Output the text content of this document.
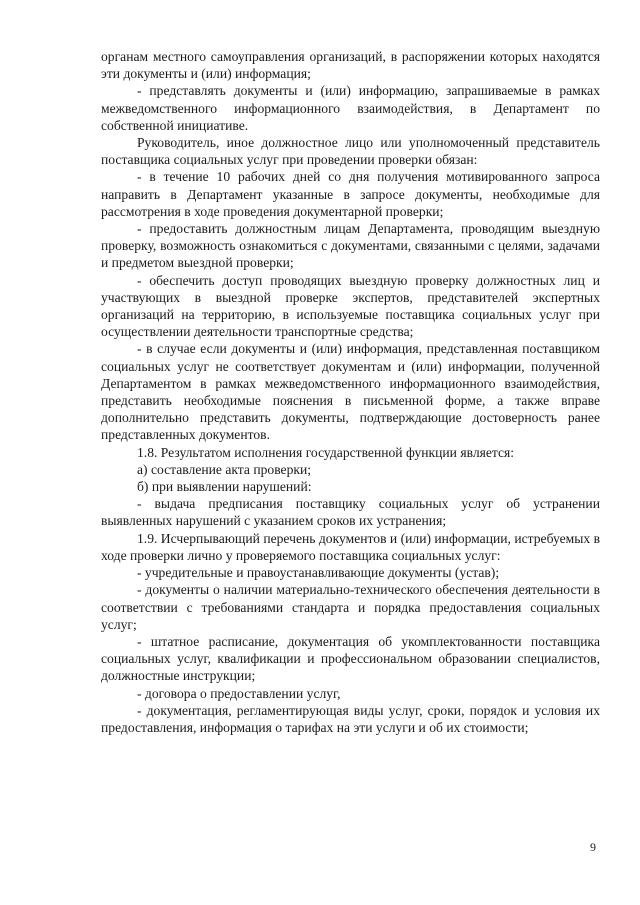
органам местного самоуправления организаций, в распоряжении которых находятся эти документы и (или) информация;

- представлять документы и (или) информацию, запрашиваемые в рамках межведомственного информационного взаимодействия, в Департамент по собственной инициативе.

Руководитель, иное должностное лицо или уполномоченный представитель поставщика социальных услуг при проведении проверки обязан:

- в течение 10 рабочих дней со дня получения мотивированного запроса направить в Департамент указанные в запросе документы, необходимые для рассмотрения в ходе проведения документарной проверки;

- предоставить должностным лицам Департамента, проводящим выездную проверку, возможность ознакомиться с документами, связанными с целями, задачами и предметом выездной проверки;

- обеспечить доступ проводящих выездную проверку должностных лиц и участвующих в выездной проверке экспертов, представителей экспертных организаций на территорию, в используемые поставщика социальных услуг при осуществлении деятельности транспортные средства;

- в случае если документы и (или) информация, представленная поставщиком социальных услуг не соответствует документам и (или) информации, полученной Департаментом в рамках межведомственного информационного взаимодействия, представить необходимые пояснения в письменной форме, а также вправе дополнительно представить документы, подтверждающие достоверность ранее представленных документов.

1.8. Результатом исполнения государственной функции является:

а) составление акта проверки;

б) при выявлении нарушений:

- выдача предписания поставщику социальных услуг об устранении выявленных нарушений с указанием сроков их устранения;

1.9. Исчерпывающий перечень документов и (или) информации, истребуемых в ходе проверки лично у проверяемого поставщика социальных услуг:

- учредительные и правоустанавливающие документы (устав);

- документы о наличии материально-технического обеспечения деятельности в соответствии с требованиями стандарта и порядка предоставления социальных услуг;

- штатное расписание, документация об укомплектованности поставщика социальных услуг, квалификации и профессиональном образовании специалистов, должностные инструкции;

- договора о предоставлении услуг,

- документация, регламентирующая виды услуг, сроки, порядок и условия их предоставления, информация о тарифах на эти услуги и об их стоимости;

9
